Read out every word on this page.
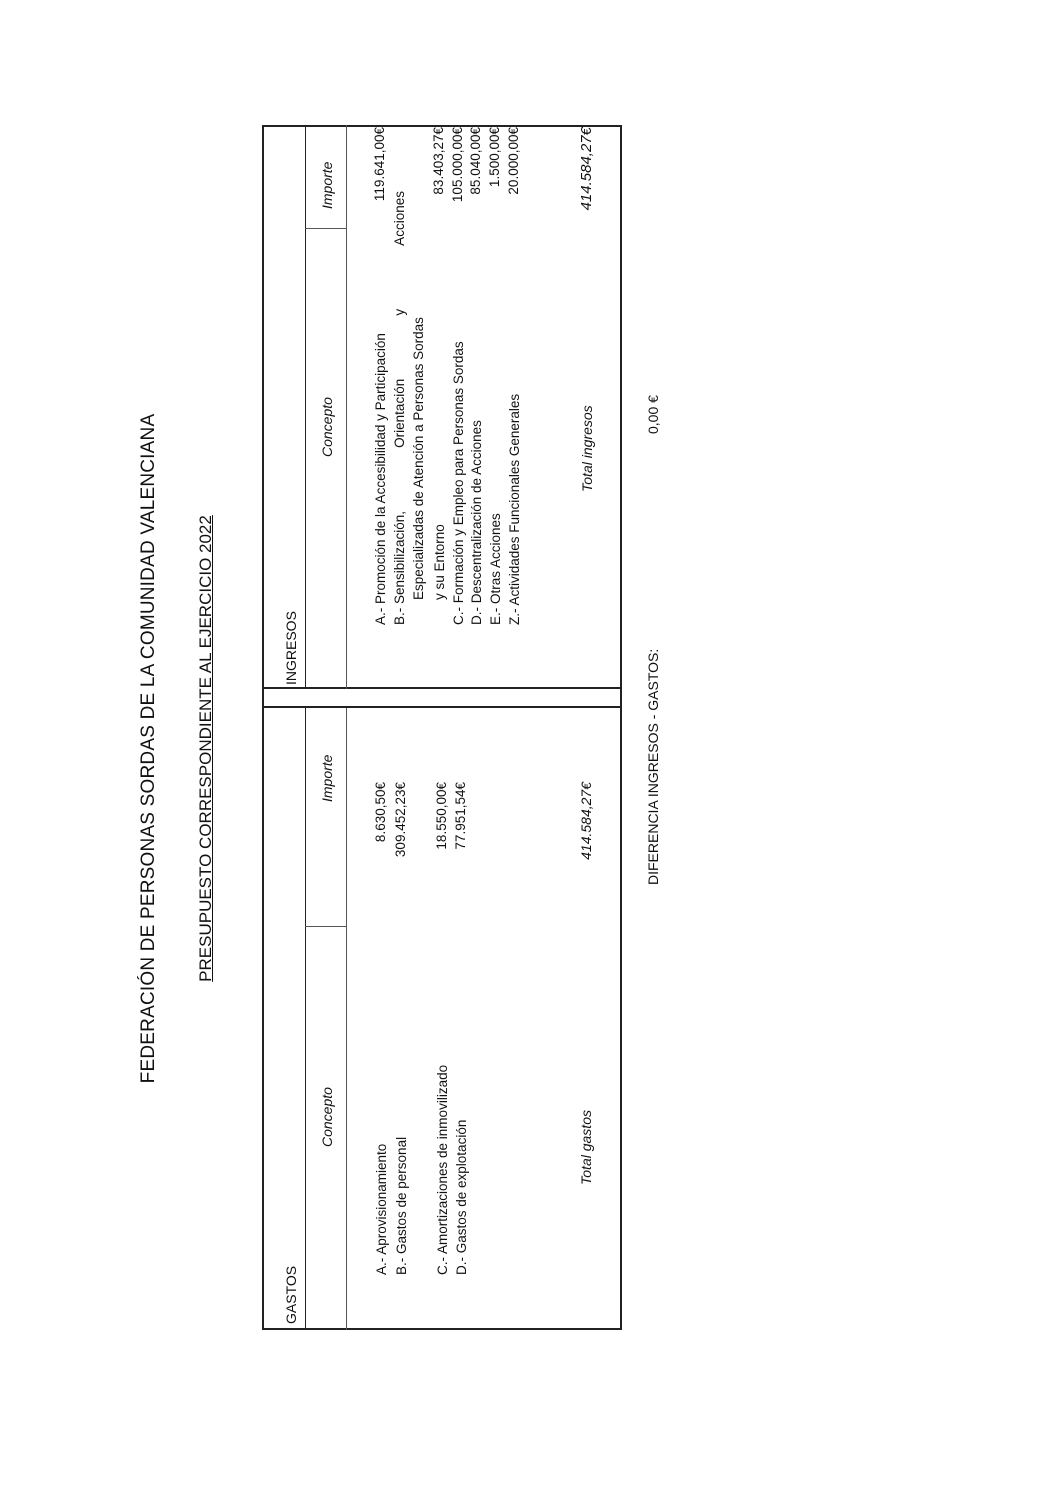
FEDERACIÓN DE PERSONAS SORDAS DE LA COMUNIDAD VALENCIANA PRESUPUESTO CORRESPONDIENTE AL EJERCICIO 2022
GASTOS
Concepto
Importe
A.- Aprovisionamiento
8.630,50€
B.- Gastos de personal
309.452,23€
C.- Amortizaciones de inmovilizado
18.550,00€
D.- Gastos de explotación
77.951,54€
Total gastos
414.584,27€
INGRESOS
Concepto
Importe
A.- Promoción de la Accesibilidad y Participación
119.641,00€
B.- Sensibilización,
Orientación
y
Acciones
Especializadas de Atención a Personas Sordas y su Entorno
83.403,27€
C.- Formación y Empleo para Personas Sordas
105.000,00€
D.- Descentralización de Acciones
85.040,00€
E.- Otras Acciones
1.500,00€
Z.- Actividades Funcionales Generales
20.000,00€
Total ingresos
414.584,27€
DIFERENCIA INGRESOS - GASTOS:
0,00 €
